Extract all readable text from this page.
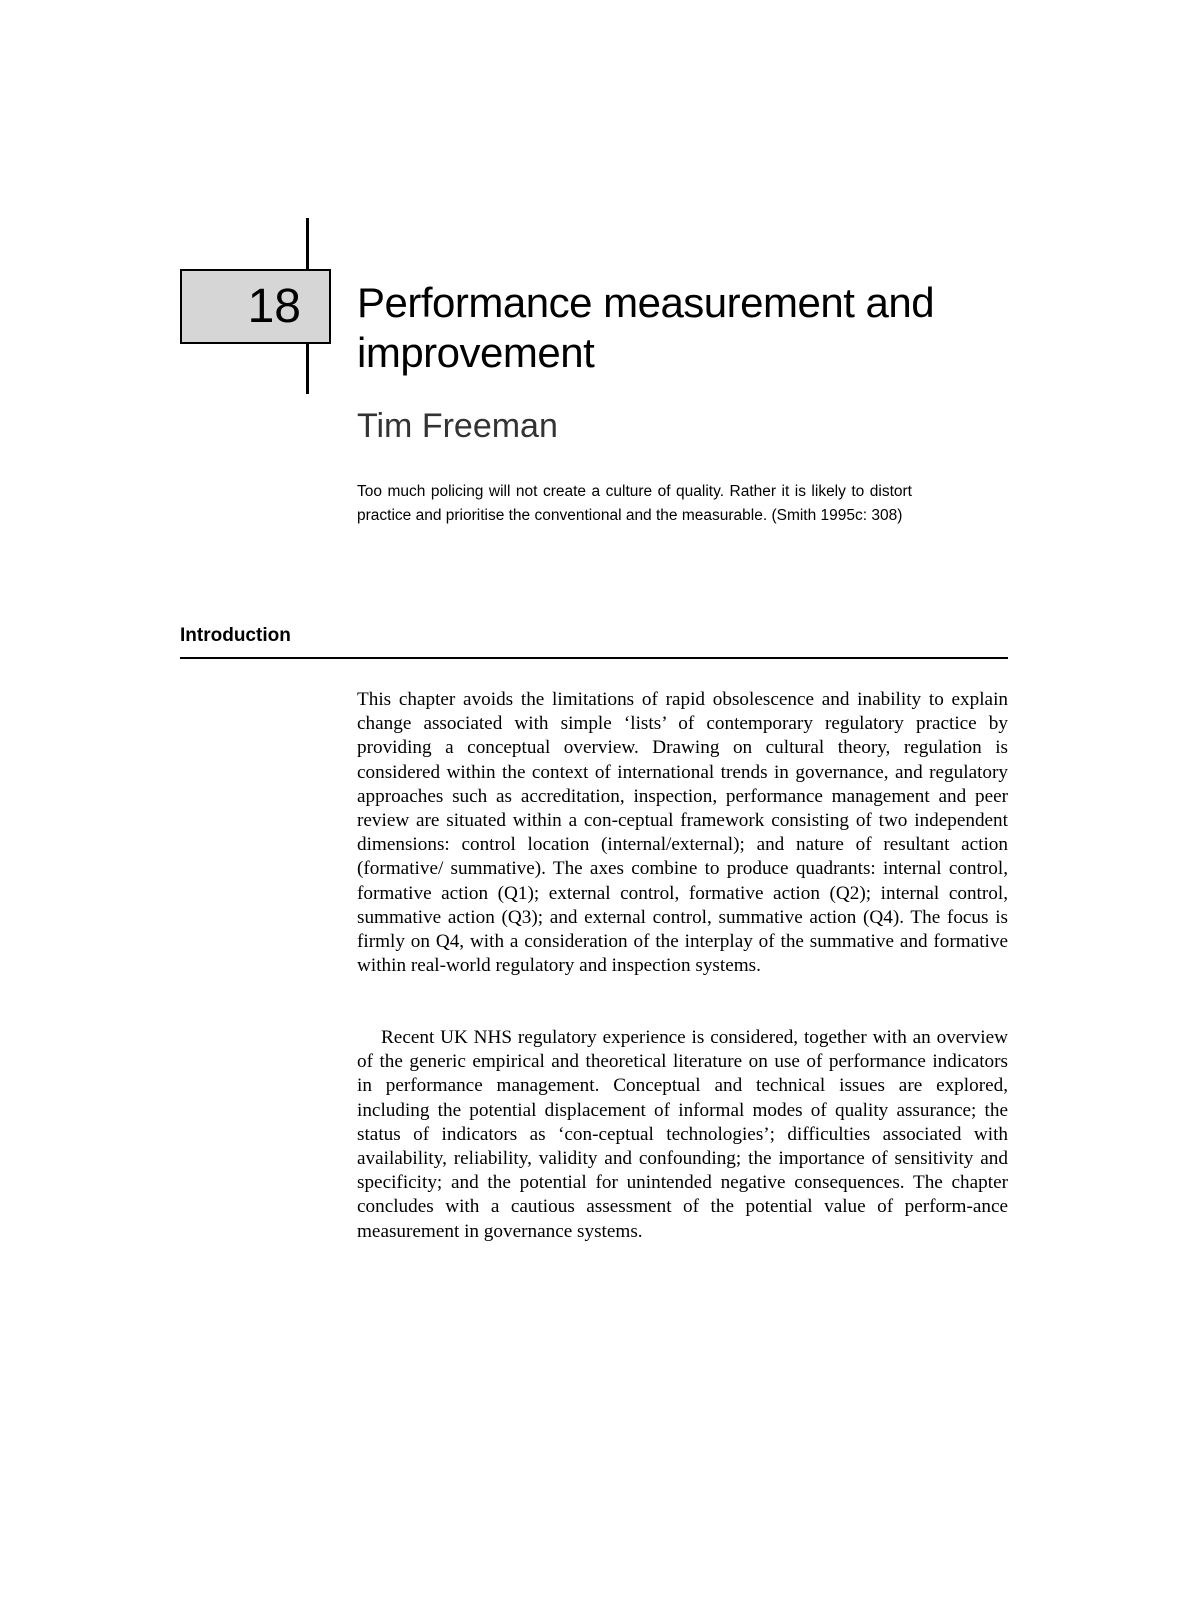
18 Performance measurement and improvement
Tim Freeman

Too much policing will not create a culture of quality. Rather it is likely to distort practice and prioritise the conventional and the measurable. (Smith 1995c: 308)

Introduction

This chapter avoids the limitations of rapid obsolescence and inability to explain change associated with simple ‘lists’ of contemporary regulatory practice by providing a conceptual overview. Drawing on cultural theory, regulation is considered within the context of international trends in governance, and regulatory approaches such as accreditation, inspection, performance management and peer review are situated within a con-ceptual framework consisting of two independent dimensions: control location (internal/external); and nature of resultant action (formative/ summative). The axes combine to produce quadrants: internal control, formative action (Q1); external control, formative action (Q2); internal control, summative action (Q3); and external control, summative action (Q4). The focus is firmly on Q4, with a consideration of the interplay of the summative and formative within real-world regulatory and inspection systems.

Recent UK NHS regulatory experience is considered, together with an overview of the generic empirical and theoretical literature on use of performance indicators in performance management. Conceptual and technical issues are explored, including the potential displacement of informal modes of quality assurance; the status of indicators as ‘con-ceptual technologies’; difficulties associated with availability, reliability, validity and confounding; the importance of sensitivity and specificity; and the potential for unintended negative consequences. The chapter concludes with a cautious assessment of the potential value of perform-ance measurement in governance systems.
